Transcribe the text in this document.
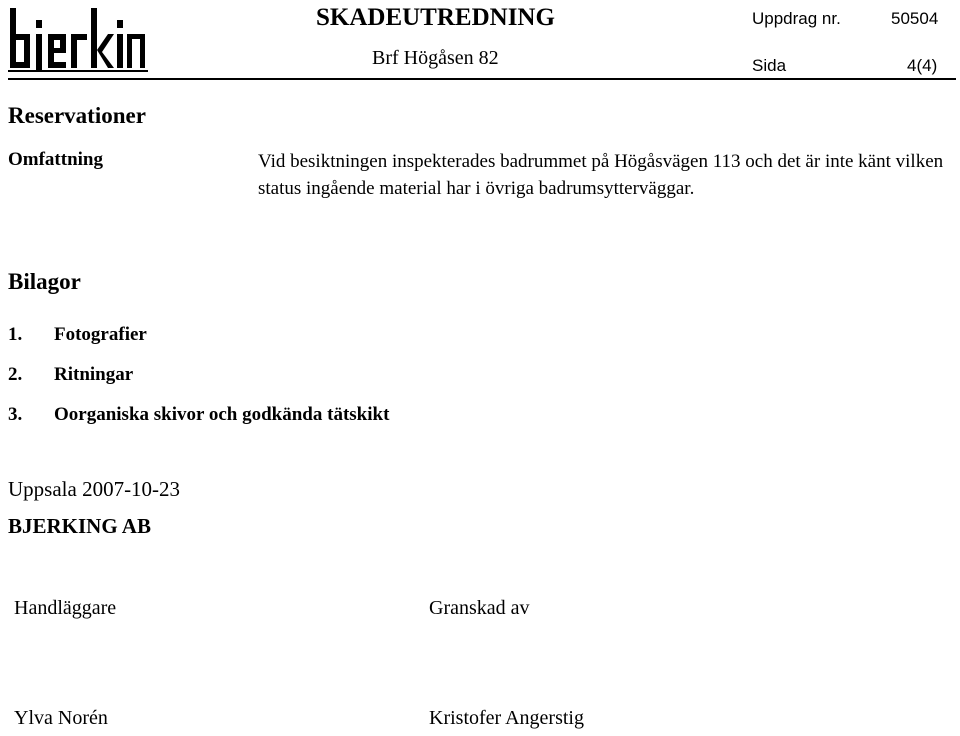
SKADEUTREDNING
Brf Högåsen 82
Uppdrag nr.	50504
Sida	4(4)
Reservationer
Omfattning	Vid besiktningen inspekterades badrummet på Högåsvägen 113 och det är inte känt vilken status ingående material har i övriga badrumsytterväggar.
Bilagor
1. Fotografier
2. Ritningar
3. Oorganiska skivor och godkända tätskikt
Uppsala 2007-10-23
BJERKING AB
Handläggare	Granskad av
Ylva Norén	Kristofer Angerstig
